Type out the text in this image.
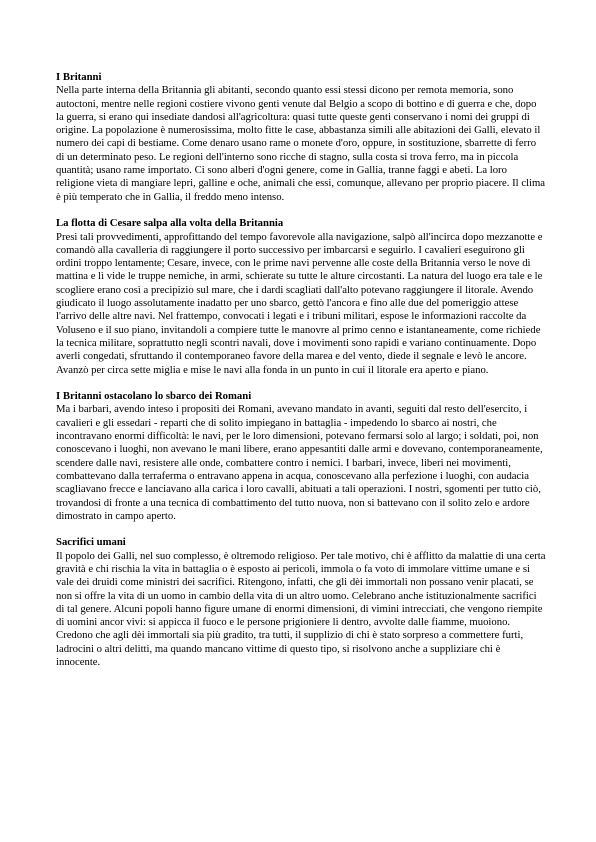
I Britanni

Nella parte interna della Britannia gli abitanti, secondo quanto essi stessi dicono per remota memoria, sono autoctoni, mentre nelle regioni costiere vivono genti venute dal Belgio a scopo di bottino e di guerra e che, dopo la guerra, si erano qui insediate dandosi all'agricoltura: quasi tutte queste genti conservano i nomi dei gruppi di origine. La popolazione è numerosissima, molto fitte le case, abbastanza simili alle abitazioni dei Galli, elevato il numero dei capi di bestiame. Come denaro usano rame o monete d'oro, oppure, in sostituzione, sbarrette di ferro di un determinato peso. Le regioni dell'interno sono ricche di stagno, sulla costa si trova ferro, ma in piccola quantità; usano rame importato. Ci sono alberi d'ogni genere, come in Gallia, tranne faggi e abeti. La loro religione vieta di mangiare lepri, galline e oche, animali che essi, comunque, allevano per proprio piacere. Il clima è più temperato che in Gallia, il freddo meno intenso.

La flotta di Cesare salpa alla volta della Britannia

Presi tali provvedimenti, approfittando del tempo favorevole alla navigazione, salpò all'incirca dopo mezzanotte e comandò alla cavalleria di raggiungere il porto successivo per imbarcarsi e seguirlo. I cavalieri eseguirono gli ordini troppo lentamente; Cesare, invece, con le prime navi pervenne alle coste della Britannia verso le nove di mattina e lì vide le truppe nemiche, in armi, schierate su tutte le alture circostanti. La natura del luogo era tale e le scogliere erano così a precipizio sul mare, che i dardi scagliati dall'alto potevano raggiungere il litorale. Avendo giudicato il luogo assolutamente inadatto per uno sbarco, gettò l'ancora e fino alle due del pomeriggio attese l'arrivo delle altre navi. Nel frattempo, convocati i legati e i tribuni militari, espose le informazioni raccolte da Voluseno e il suo piano, invitandoli a compiere tutte le manovre al primo cenno e istantaneamente, come richiede la tecnica militare, soprattutto negli scontri navali, dove i movimenti sono rapidi e variano continuamente. Dopo averli congedati, sfruttando il contemporaneo favore della marea e del vento, diede il segnale e levò le ancore. Avanzò per circa sette miglia e mise le navi alla fonda in un punto in cui il litorale era aperto e piano.

I Britanni ostacolano lo sbarco dei Romani

Ma i barbari, avendo inteso i propositi dei Romani, avevano mandato in avanti, seguiti dal resto dell'esercito, i cavalieri e gli essedari - reparti che di solito impiegano in battaglia - impedendo lo sbarco ai nostri, che incontravano enormi difficoltà: le navi, per le loro dimensioni, potevano fermarsi solo al largo; i soldati, poi, non conoscevano i luoghi, non avevano le mani libere, erano appesantiti dalle armi e dovevano, contemporaneamente, scendere dalle navi, resistere alle onde, combattere contro i nemici. I barbari, invece, liberi nei movimenti, combattevano dalla terraferma o entravano appena in acqua, conoscevano alla perfezione i luoghi, con audacia scagliavano frecce e lanciavano alla carica i loro cavalli, abituati a tali operazioni. I nostri, sgomenti per tutto ciò, trovandosi di fronte a una tecnica di combattimento del tutto nuova, non si battevano con il solito zelo e ardore dimostrato in campo aperto.

Sacrifici umani

Il popolo dei Galli, nel suo complesso, è oltremodo religioso. Per tale motivo, chi è afflitto da malattie di una certa gravità e chi rischia la vita in battaglia o è esposto ai pericoli, immola o fa voto di immolare vittime umane e si vale dei druidi come ministri dei sacrifici. Ritengono, infatti, che gli dèi immortali non possano venir placati, se non si offre la vita di un uomo in cambio della vita di un altro uomo. Celebrano anche istituzionalmente sacrifici di tal genere. Alcuni popoli hanno figure umane di enormi dimensioni, di vimini intrecciati, che vengono riempite di uomini ancor vivi: si appicca il fuoco e le persone prigioniere li dentro, avvolte dalle fiamme, muoiono. Credono che agli dèi immortali sia più gradito, tra tutti, il supplizio di chi è stato sorpreso a commettere furti, ladrocini o altri delitti, ma quando mancano vittime di questo tipo, si risolvono anche a suppliziare chi è innocente.
